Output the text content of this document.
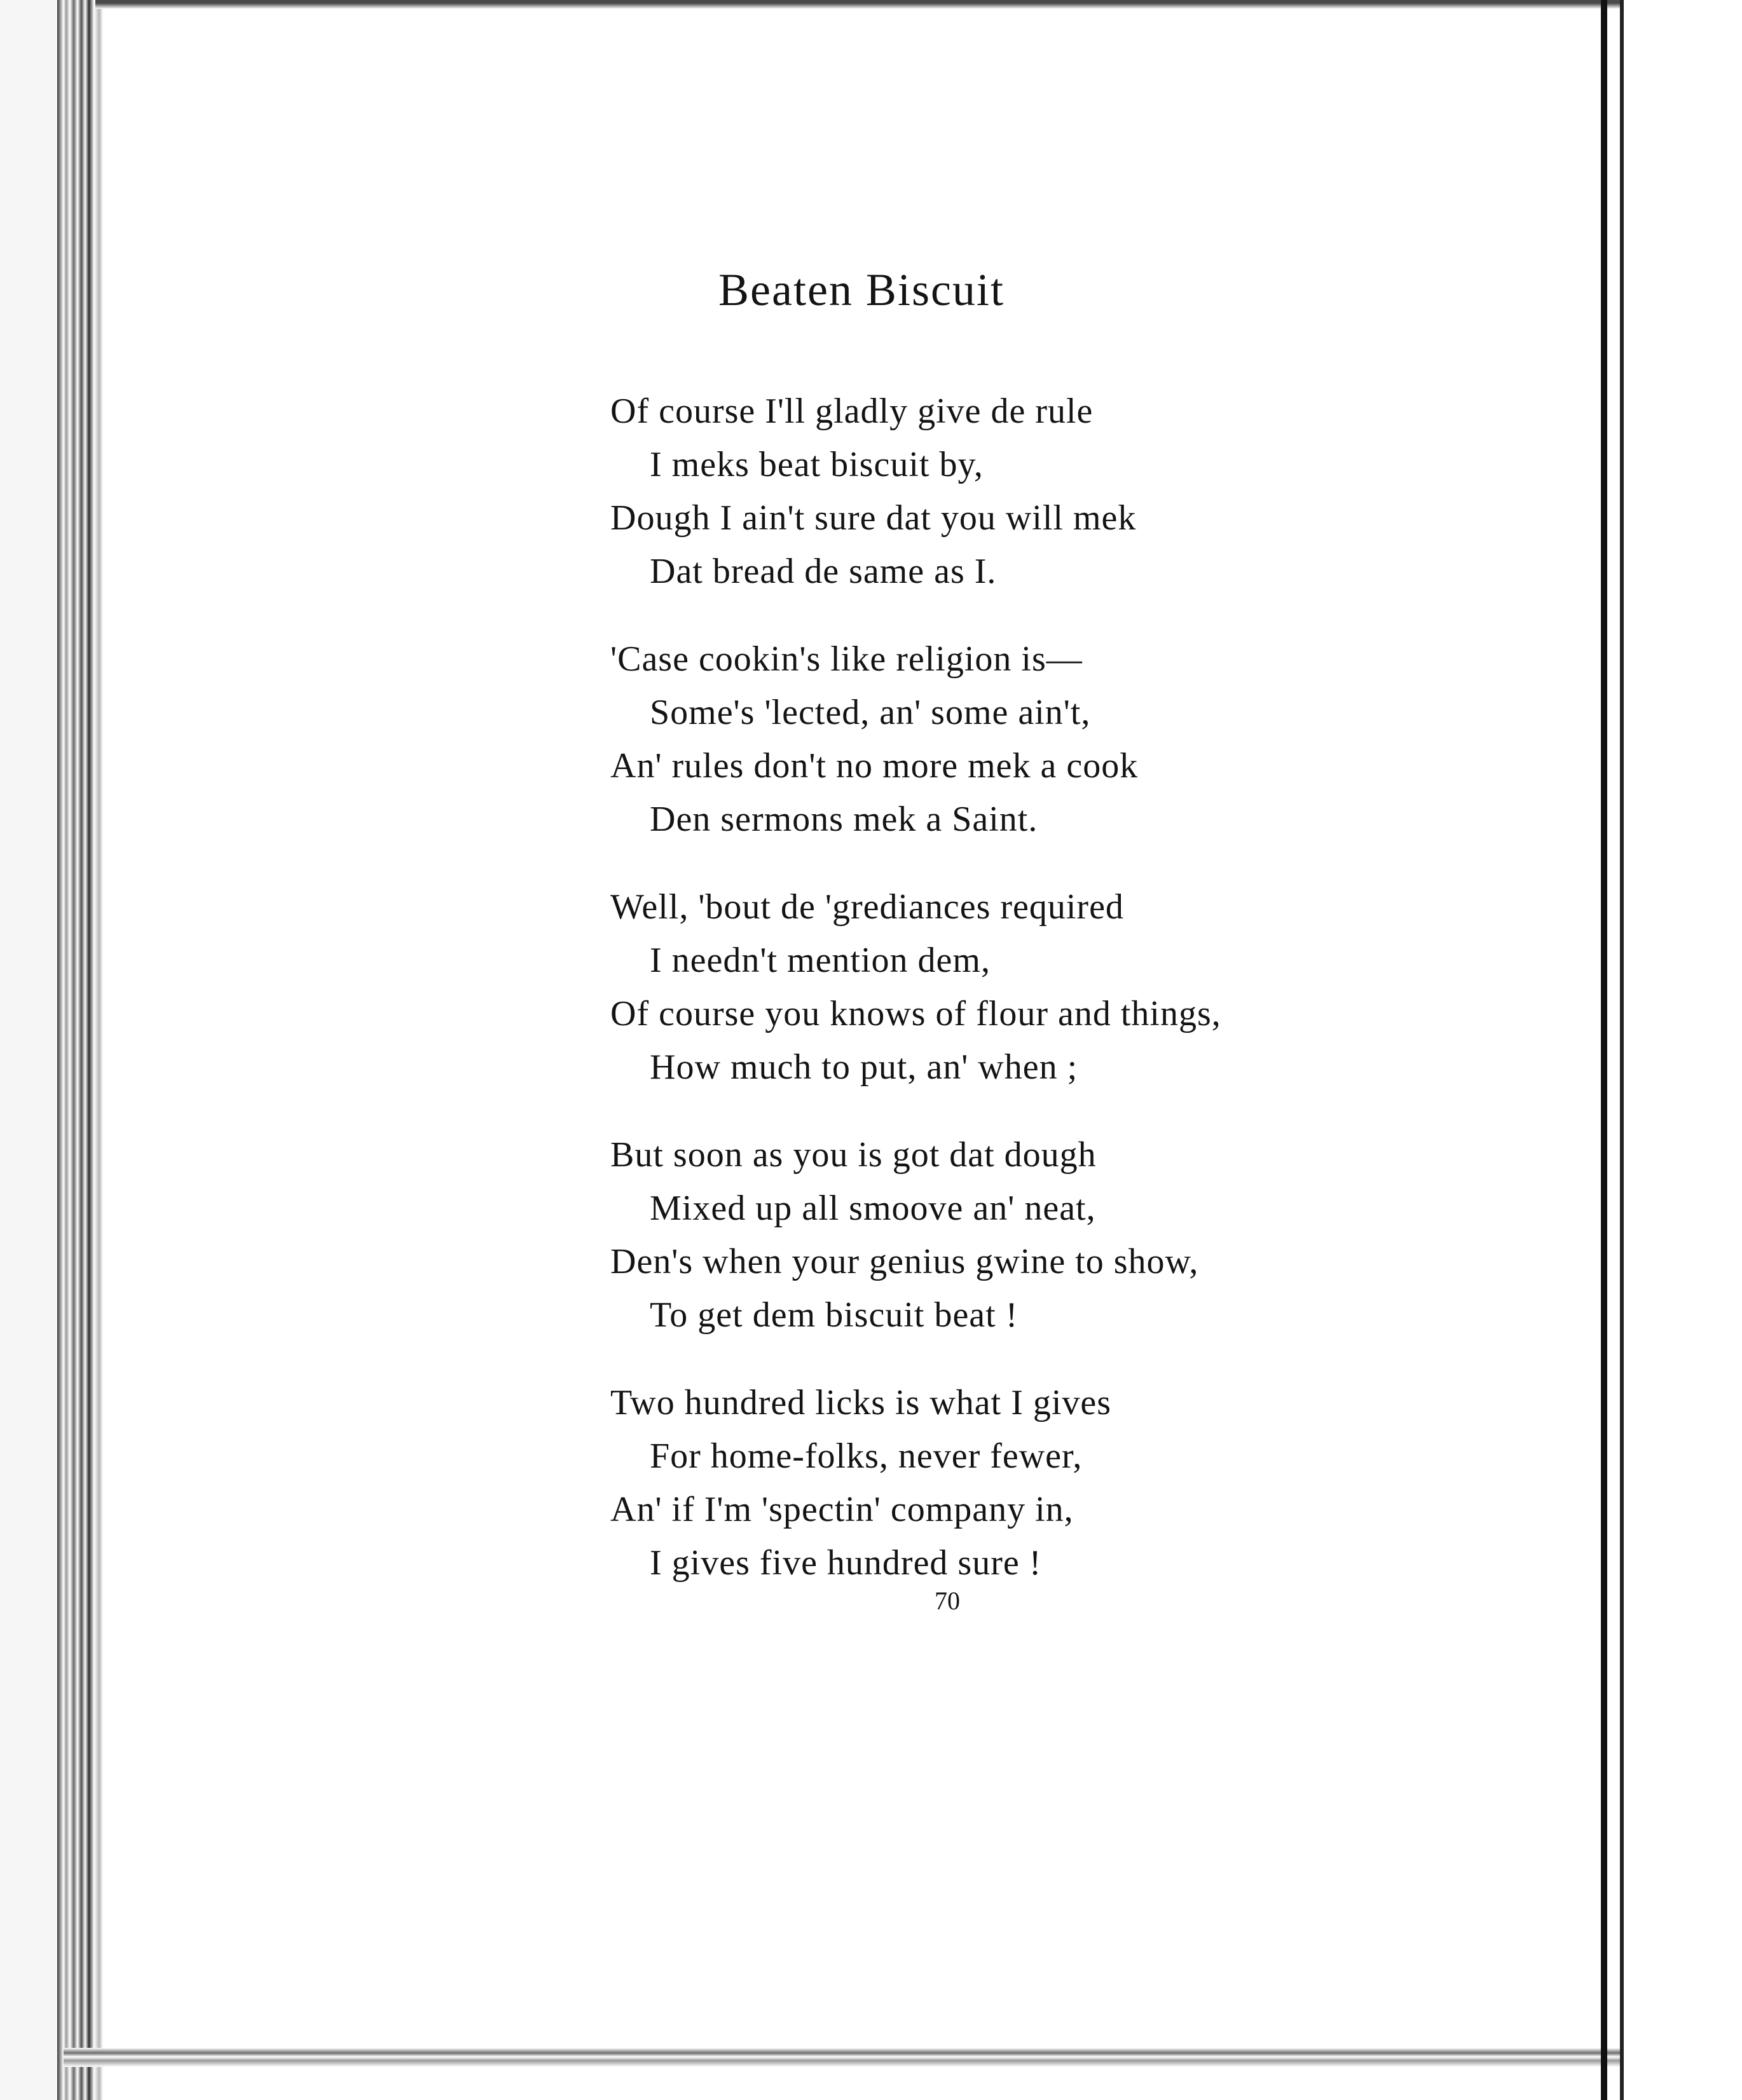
Beaten Biscuit
Of course I'll gladly give de rule
I meks beat biscuit by,
Dough I ain't sure dat you will mek
Dat bread de same as I.
'Case cookin's like religion is—
Some's 'lected, an' some ain't,
An' rules don't no more mek a cook
Den sermons mek a Saint.
Well, 'bout de 'grediances required
I needn't mention dem,
Of course you knows of flour and things,
How much to put, an' when ;
But soon as you is got dat dough
Mixed up all smoove an' neat,
Den's when your genius gwine to show,
To get dem biscuit beat !
Two hundred licks is what I gives
For home-folks, never fewer,
An' if I'm 'spectin' company in,
I gives five hundred sure !
70
